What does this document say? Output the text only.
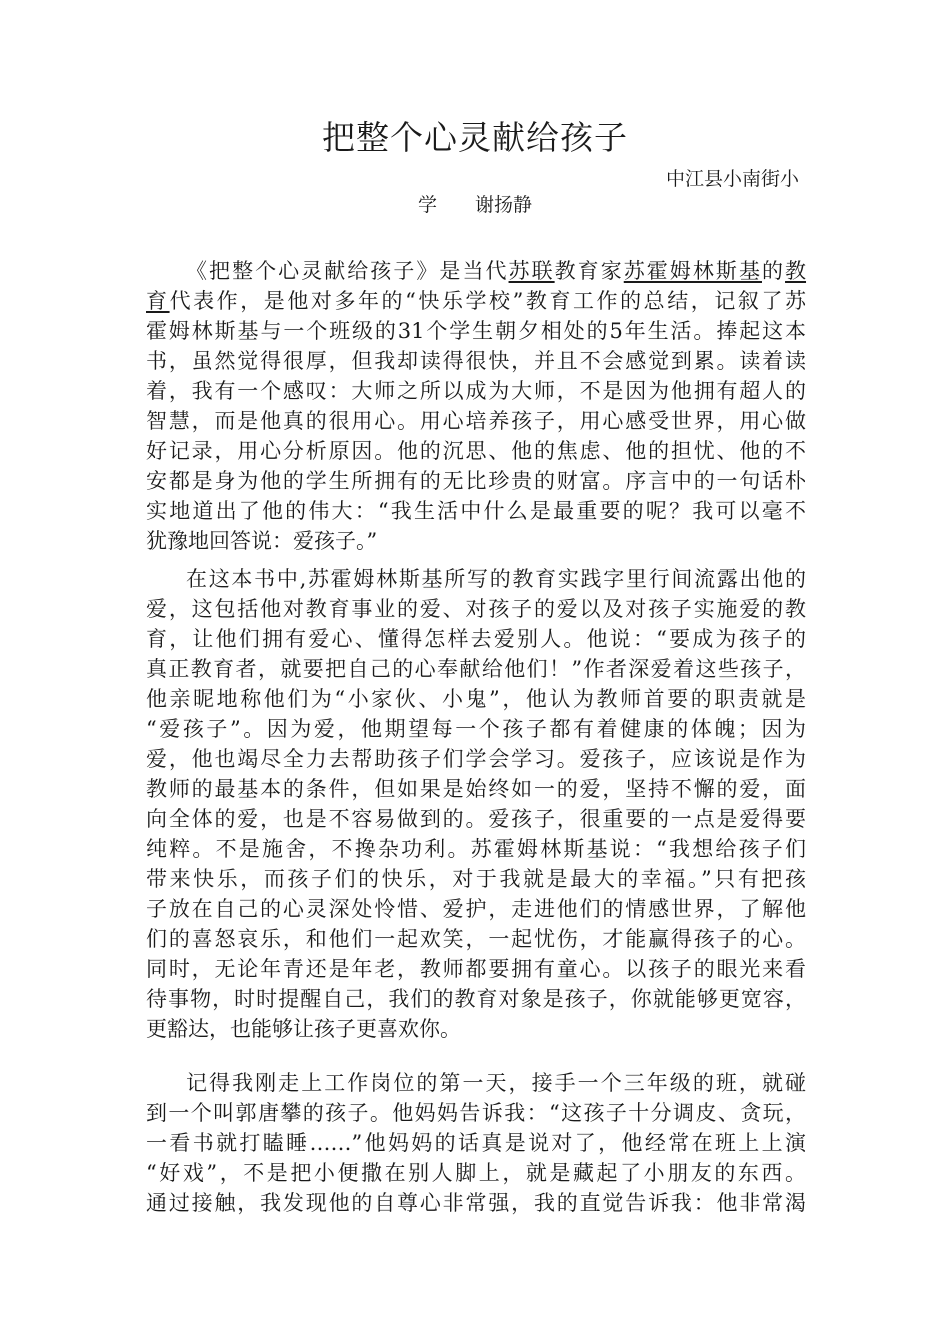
把整个心灵献给孩子
中江县小南街小
学　　谢扬静
《把整个心灵献给孩子》是当代苏联教育家苏霍姆林斯基的教
育代表作，是他对多年的“快乐学校”教育工作的总结，记叙了苏
霍姆林斯基与一个班级的31个学生朝夕相处的5年生活。捧起这本
书，虽然觉得很厚，但我却读得很快，并且不会感觉到累。读着读
着，我有一个感叹：大师之所以成为大师，不是因为他拥有超人的
智慧，而是他真的很用心。用心培养孩子，用心感受世界，用心做
好记录，用心分析原因。他的沉思、他的焦虑、他的担忧、他的不
安都是身为他的学生所拥有的无比珍贵的财富。序言中的一句话朴
实地道出了他的伟大：“我生活中什么是最重要的呢？我可以毫不
犹豫地回答说：爱孩子。”
在这本书中,苏霍姆林斯基所写的教育实践字里行间流露出他的
爱，这包括他对教育事业的爱、对孩子的爱以及对孩子实施爱的教
育，让他们拥有爱心、懂得怎样去爱别人。他说：“要成为孩子的
真正教育者，就要把自己的心奉献给他们！”作者深爱着这些孩子，
他亲昵地称他们为“小家伙、小鬼”，他认为教师首要的职责就是
“爱孩子”。因为爱，他期望每一个孩子都有着健康的体魄；因为
爱，他也竭尽全力去帮助孩子们学会学习。爱孩子，应该说是作为
教师的最基本的条件，但如果是始终如一的爱，坚持不懈的爱，面
向全体的爱，也是不容易做到的。爱孩子，很重要的一点是爱得要
纯粹。不是施舍，不搀杂功利。苏霍姆林斯基说：“我想给孩子们
带来快乐，而孩子们的快乐，对于我就是最大的幸福。”只有把孩
子放在自己的心灵深处怜惜、爱护，走进他们的情感世界，了解他
们的喜怒哀乐，和他们一起欢笑，一起忧伤，才能赢得孩子的心。
同时，无论年青还是年老，教师都要拥有童心。以孩子的眼光来看
待事物，时时提醒自己，我们的教育对象是孩子，你就能够更宽容，
更豁达，也能够让孩子更喜欢你。
记得我刚走上工作岗位的第一天，接手一个三年级的班，就碰
到一个叫郭唐攀的孩子。他妈妈告诉我：“这孩子十分调皮、贪玩，
一看书就打瞌睡……”他妈妈的话真是说对了，他经常在班上上演
“好戏”，不是把小便撒在别人脚上，就是藏起了小朋友的东西。
通过接触，我发现他的自尊心非常强，我的直觉告诉我：他非常渴
